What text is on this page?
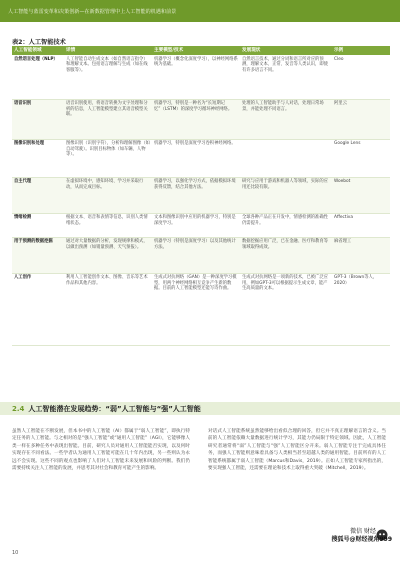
人工智能与蓝雷变革和决策创新—在新数据管理中上人工智能的机遇和前景
表2：人工智能技术
人工智能领域	详情	主要模型/技术	发展现状	示例
自然语言处理（NLP）	人工智能自动生成文本（如自然语言指令）和理解文本。包括语言理解与生成（如在线客服等）。	机器学习（概念化深度学习），以神经网络系统为基础。	自然语言技术，通过分词和语言所对应的预测，理解文本、正常、发音等人类认识，即使有许多语言不同。	Cleo
语音识别	语音识别使用，将语音转换为文字处理和分析的信息，人工智能模型建立其语音模型关联。	机器学习，特别是一种名为“长短期记忆”（LSTM）的深度学习循环神经网络。	处理的人工智能助手与人对话，处理日常场景，并能处理不同语言。	阿里云
图像识别和处理	图像识别（识别字符），分析和理解图像（如自动驾驶）。识别目标物体（如车辆、人物等）。	机器学习，特别是深度学习卷积神经网络。		Google Lens
自主代理	在虚拟环境中，感知环境、学习并采取行动，从而完成目标。	机器学习，以强化学习方式，依据模拟环境获得反馈，结合其他方法。	研究与应用于游戏和机器人等领域，实际的应用还比较有限。	Woebot
情绪检测	根据文本、语音和表情等信息，识别人类情绪状态。	文本和图像识别中应用的机器学习，特别是深度学习。	全球各种产品正在开发中，情感检测的准确性仍需提升。	Affectiva
用于预测的数据挖掘	通过对大量数据的分析，发现规律和模式，以做出预测（如销量预测、天气预报）。	机器学习（特别是深度学习）以及其他统计方法。	数据挖掘应用广泛，已在金融、医疗和教育等领域取得成效。	麻省理工
人工创作	利用人工智能创作文本、图像、音乐等艺术作品和其他内容。	生成式对抗网络（GAN）是一种深度学习模型，用两个神经网络相互竞争产生新的数据。目前的人工智能模型还能写诗作曲。	生成式对抗网络是一项新的技术，已被广泛应用，例如GPT-3可以根据提示生成文章，能产生高质量的文本。	GPT-3（Brown等人，2020）
2.4 人工智能潜在发展趋势：“弱”人工智能与“强”人工智能
虽然人工智能在不断发展，但本书中的人工智能（AI）都属于“弱人工智能”，即执行特定任务的人工智能。与之相对的是“强人工智能”或“通用人工智能”（AGI），它能够像人类一样在多种任务中表现出智能。目前，研究人员对通用人工智能能否实现，以及何时实现存在不同看法。一些学者认为通用人工智能可能在几十年内出现，另一些则认为永远不会实现。这些不同的观点也影响了人们对人工智能未来发展和风险的判断。我们仍需要持续关注人工智能的发展，并思考其对社会和教育可能产生的影响。
对话式人工智能系统虽然能够给出看似合理的回答，但它并不真正理解语言的含义。当前的人工智能依赖大量数据进行统计学习，其能力仍局限于特定领域。因此，人工智能研究者通常将“弱”人工智能与“强”人工智能区分开来。弱人工智能专注于完成具体任务，而强人工智能则意味着具备与人类相当甚至超越人类的通用智能。目前所有的人工智能系统都属于弱人工智能（Marcus和Davis，2019）。正如人工智能专家所指出的，要实现强人工智能，还需要在理论和技术上取得重大突破（Mitchell，2019）。
10
微信 财经
搜狐号@财经视角999
